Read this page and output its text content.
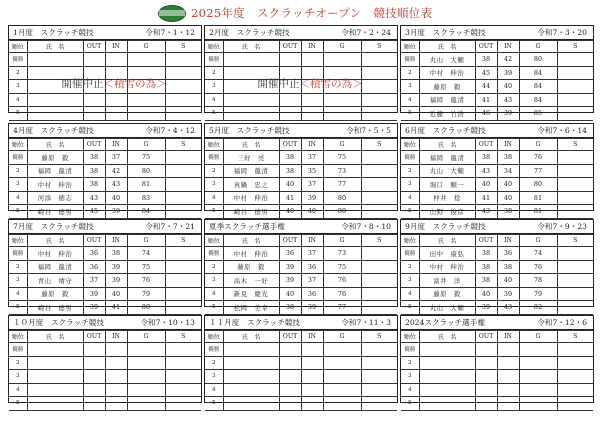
2025年度　スクラッチオープン　競技順位表
1月度　スクラッチ競技	令和7・1・12
順位	氏　名	OUT	IN	G	S
優勝					
2					
3					
4					
5					
開催中止＜積雪の為＞
2月度　スクラッチ競技	令和7・2・24
順位	氏　名	OUT	IN	G	S
優勝					
2					
3					
4					
5					
開催中止＜積雪の為＞
3月度　スクラッチ競技	令和7・3・20
順位	氏　名	OUT	IN	G	S
優勝	丸山　大輔	38	42	80	
2	中村　伸治	45	39	84	
3	藤原　毅	44	40	84	
4	福岡　龍清	41	43	84	
5	近藤　竹浩	46	39	85	
4月度　スクラッチ競技	令和7・4・12
順位	氏　名	OUT	IN	G	S
優勝	藤原　毅	38	37	75	
2	福岡　龍清	38	42	80	
3	中村　伸治	38	43	81	
4	河添　徳志	43	40	83	
5	崎谷　德男	45	39	84	
5月度　スクラッチ競技	令和7・5・5
順位	氏　名	OUT	IN	G	S
優勝	三好　亮	38	37	75	
2	福岡　龍清	38	35	73	
3	真鍋　忠之	40	37	77	
4	中村　伸治	41	39	80	
5	崎谷　德男	40	40	80	
6月度　スクラッチ競技	令和7・6・14
順位	氏　名	OUT	IN	G	S
優勝	福岡　龍清	38	38	76	
2	丸山　大輔	43	34	77	
3	堀口　順一	40	40	80	
4	仲井　稔	41	40	81	
5	山野　俊彦	43	38	81	
7月度　スクラッチ競技	令和7・7・21
順位	氏　名	OUT	IN	G	S
優勝	中村　伸治	36	38	74	
2	福岡　龍清	36	39	75	
3	青山　靖守	37	39	76	
4	藤原　毅	39	40	79	
5	崎谷　德男	39	41	80	
夏季スクラッチ選手権	令和7・8・10
順位	氏　名	OUT	IN	G	S
優勝	中村　伸治	36	37	73	
2	藤原　毅	39	36	75	
3	高木　一好	39	37	76	
4	新見　慶光	40	36	76	
5	松岡　美幸	38	39	77	
9月度　スクラッチ競技	令和7・9・23
順位	氏　名	OUT	IN	G	S
優勝	田中　康弘	38	36	74	
2	中村　伸治	38	38	76	
3	富井　洋	38	40	78	
4	藤原　毅	40	39	79	
5	丸山　大輔	39	43	82	
１０月度　スクラッチ競技	令和7・10・13
順位	氏　名	OUT	IN	G	S
優勝					
2					
3					
4					
5					
１１月度　スクラッチ競技	令和7・11・3
順位	氏　名	OUT	IN	G	S
優勝					
2					
3					
4					
5					
2024スクラッチ選手権	令和7・12・6
順位	氏　名	OUT	IN	G	S
優勝					
2					
3					
4					
5					
